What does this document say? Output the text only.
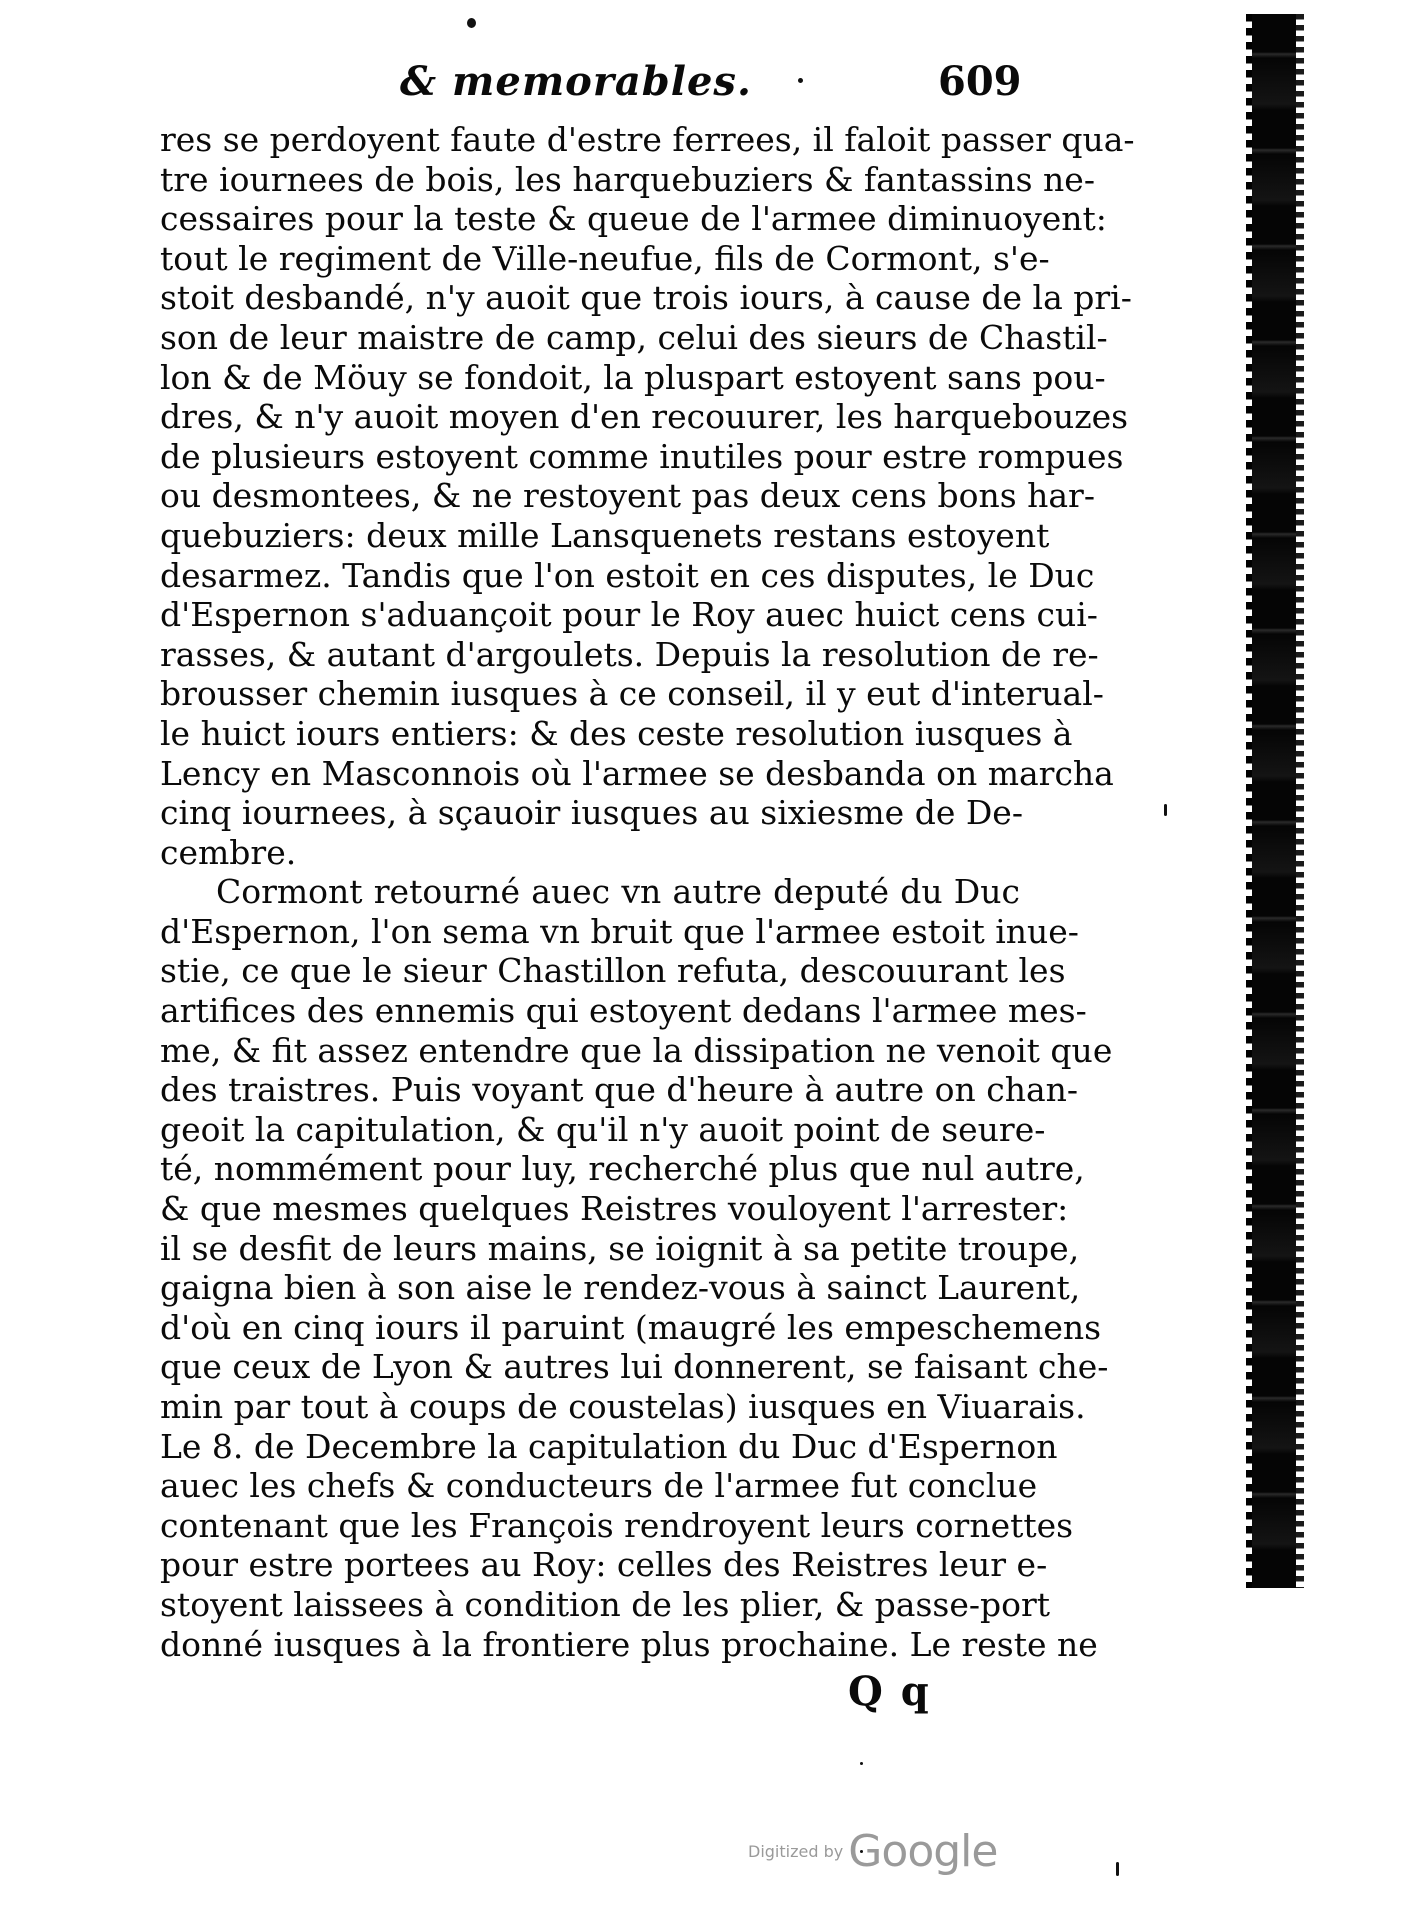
& memorables.	609
res se perdoyent faute d'estre ferrees, il faloit passer qua-
tre iournees de bois, les harquebuziers & fantassins ne-
cessaires pour la teste & queue de l'armee diminuoyent:
tout le regiment de Ville-neufue, fils de Cormont, s'e-
stoit desbandé, n'y auoit que trois iours, à cause de la pri-
son de leur maistre de camp, celui des sieurs de Chastil-
lon & de Möuy se fondoit, la pluspart estoyent sans pou-
dres, & n'y auoit moyen d'en recouurer, les harquebouzes
de plusieurs estoyent comme inutiles pour estre rompues
ou desmontees, & ne restoyent pas deux cens bons har-
quebuziers: deux mille Lansquenets restans estoyent
desarmez. Tandis que l'on estoit en ces disputes, le Duc
d'Espernon s'aduançoit pour le Roy auec huict cens cui-
rasses, & autant d'argoulets. Depuis la resolution de re-
brousser chemin iusques à ce conseil, il y eut d'interual-
le huict iours entiers: & des ceste resolution iusques à
Lency en Masconnois où l'armee se desbanda on marcha
cinq iournees, à sçauoir iusques au sixiesme de De-
cembre.
Cormont retourné auec vn autre deputé du Duc
d'Espernon, l'on sema vn bruit que l'armee estoit inue-
stie, ce que le sieur Chastillon refuta, descouurant les
artifices des ennemis qui estoyent dedans l'armee mes-
me, & fit assez entendre que la dissipation ne venoit que
des traistres. Puis voyant que d'heure à autre on chan-
geoit la capitulation, & qu'il n'y auoit point de seure-
té, nommément pour luy, recherché plus que nul autre,
& que mesmes quelques Reistres vouloyent l'arrester:
il se desfit de leurs mains, se ioignit à sa petite troupe,
gaigna bien à son aise le rendez-vous à sainct Laurent,
d'où en cinq iours il paruint (maugré les empeschemens
que ceux de Lyon & autres lui donnerent, se faisant che-
min par tout à coups de coustelas) iusques en Viuarais.
Le 8. de Decembre la capitulation du Duc d'Espernon
auec les chefs & conducteurs de l'armee fut conclue
contenant que les François rendroyent leurs cornettes
pour estre portees au Roy: celles des Reistres leur e-
stoyent laissees à condition de les plier, & passe-port
donné iusques à la frontiere plus prochaine. Le reste ne
Q q
Digitized by Google
